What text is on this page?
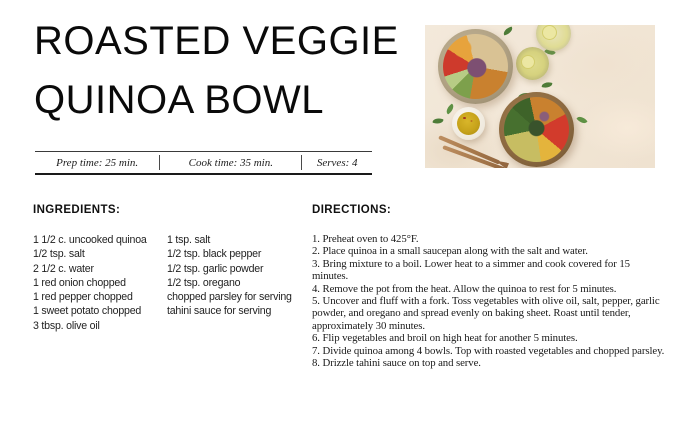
ROASTED VEGGIE
QUINOA BOWL
Prep time: 25 min.	Cook time: 35 min.	Serves: 4
INGREDIENTS:
1 1/2 c. uncooked quinoa
1/2 tsp. salt
2 1/2 c. water
1 red onion chopped
1 red pepper chopped
1 sweet potato chopped
3 tbsp. olive oil
1 tsp. salt
1/2 tsp. black pepper
1/2 tsp. garlic powder
1/2 tsp. oregano
chopped parsley for serving
tahini sauce for serving
DIRECTIONS:
1. Preheat oven to 425°F.
2. Place quinoa in a small saucepan along with the salt and water.
3. Bring mixture to a boil. Lower heat to a simmer and cook covered for 15 minutes.
4. Remove the pot from the heat. Allow the quinoa to rest for 5 minutes.
5. Uncover and fluff with a fork. Toss vegetables with olive oil, salt, pepper, garlic powder, and oregano and spread evenly on baking sheet. Roast until tender, approximately 30 minutes.
6. Flip vegetables and broil on high heat for another 5 minutes.
7. Divide quinoa among 4 bowls. Top with roasted vegetables and chopped parsley.
8. Drizzle tahini sauce on top and serve.
